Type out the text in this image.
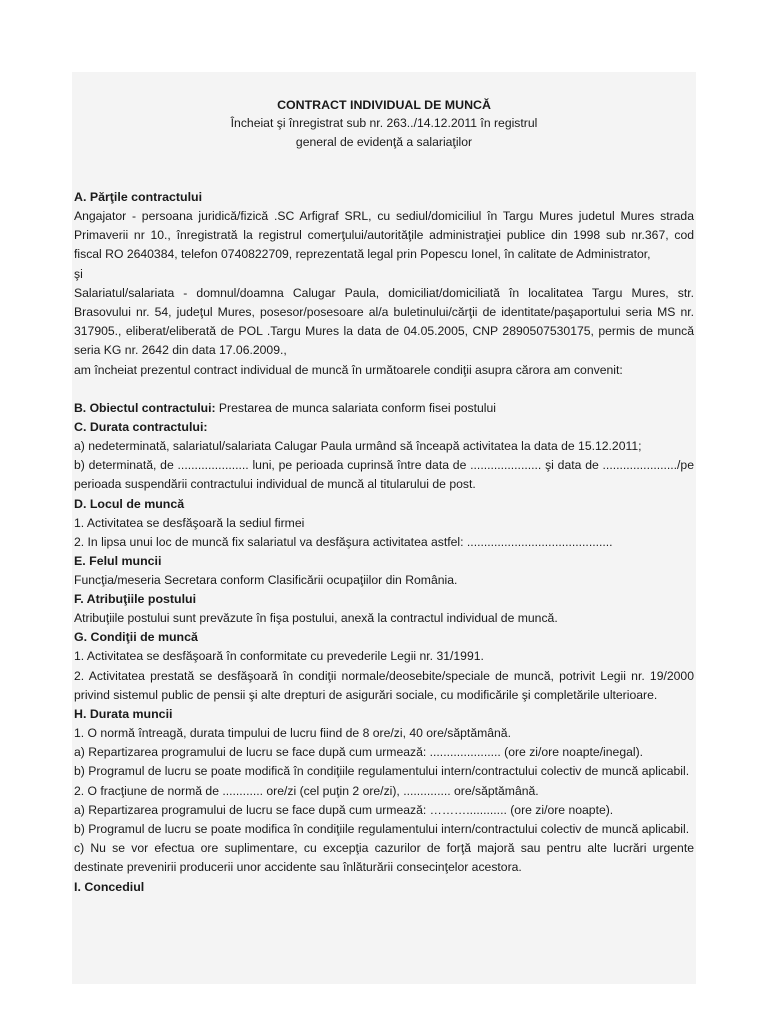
CONTRACT INDIVIDUAL DE MUNCĂ

Încheiat şi înregistrat sub nr. 263../14.12.2011 în registrul

general de evidenţă a salariaţilor

A. Părţile contractului

Angajator - persoana juridică/fizică .SC Arfigraf SRL, cu sediul/domiciliul în Targu Mures judetul Mures strada Primaverii nr 10., înregistrată la registrul comerţului/autorităţile administraţiei publice din 1998 sub nr.367, cod fiscal RO 2640384, telefon 0740822709, reprezentată legal prin Popescu Ionel, în calitate de Administrator,

şi

Salariatul/salariata - domnul/doamna Calugar Paula, domiciliat/domiciliată în localitatea Targu Mures, str. Brasovului nr. 54, judeţul Mures, posesor/posesoare al/a buletinului/cărţii de identitate/paşaportului seria MS nr. 317905., eliberat/eliberată de POL .Targu Mures la data de 04.05.2005, CNP 2890507530175, permis de muncă seria KG nr. 2642 din data 17.06.2009.,

am încheiat prezentul contract individual de muncă în următoarele condiţii asupra cărora am convenit:

B. Obiectul contractului: Prestarea de munca salariata conform fisei postului

C. Durata contractului:

a) nedeterminată, salariatul/salariata Calugar Paula urmând să înceapă activitatea la data de 15.12.2011;

b) determinată, de ..................... luni, pe perioada cuprinsă între data de ..................... şi data de ....................../pe perioada suspendării contractului individual de muncă al titularului de post.

D. Locul de muncă

1. Activitatea se desfăşoară la sediul firmei

2. In lipsa unui loc de muncă fix salariatul va desfăşura activitatea astfel: ...........................................

E. Felul muncii

Funcţia/meseria Secretara conform Clasificării ocupaţiilor din România.

F. Atribuţiile postului

Atribuţiile postului sunt prevăzute în fişa postului, anexă la contractul individual de muncă.

G. Condiţii de muncă

1. Activitatea se desfăşoară în conformitate cu prevederile Legii nr. 31/1991.

2. Activitatea prestată se desfăşoară în condiţii normale/deosebite/speciale de muncă, potrivit Legii nr. 19/2000 privind sistemul public de pensii şi alte drepturi de asigurări sociale, cu modificările şi completările ulterioare.

H. Durata muncii

1. O normă întreagă, durata timpului de lucru fiind de 8 ore/zi, 40 ore/săptămână.

a) Repartizarea programului de lucru se face după cum urmează: ..................... (ore zi/ore noapte/inegal).

b) Programul de lucru se poate modifică în condiţiile regulamentului intern/contractului colectiv de muncă aplicabil.

2. O fracţiune de normă de ............ ore/zi (cel puţin 2 ore/zi), .............. ore/săptămână.

a) Repartizarea programului de lucru se face după cum urmează: ………............ (ore zi/ore noapte).

b) Programul de lucru se poate modifica în condiţiile regulamentului intern/contractului colectiv de muncă aplicabil.

c) Nu se vor efectua ore suplimentare, cu excepţia cazurilor de forţă majoră sau pentru alte lucrări urgente destinate prevenirii producerii unor accidente sau înlăturării consecinţelor acestora.

I. Concediul
